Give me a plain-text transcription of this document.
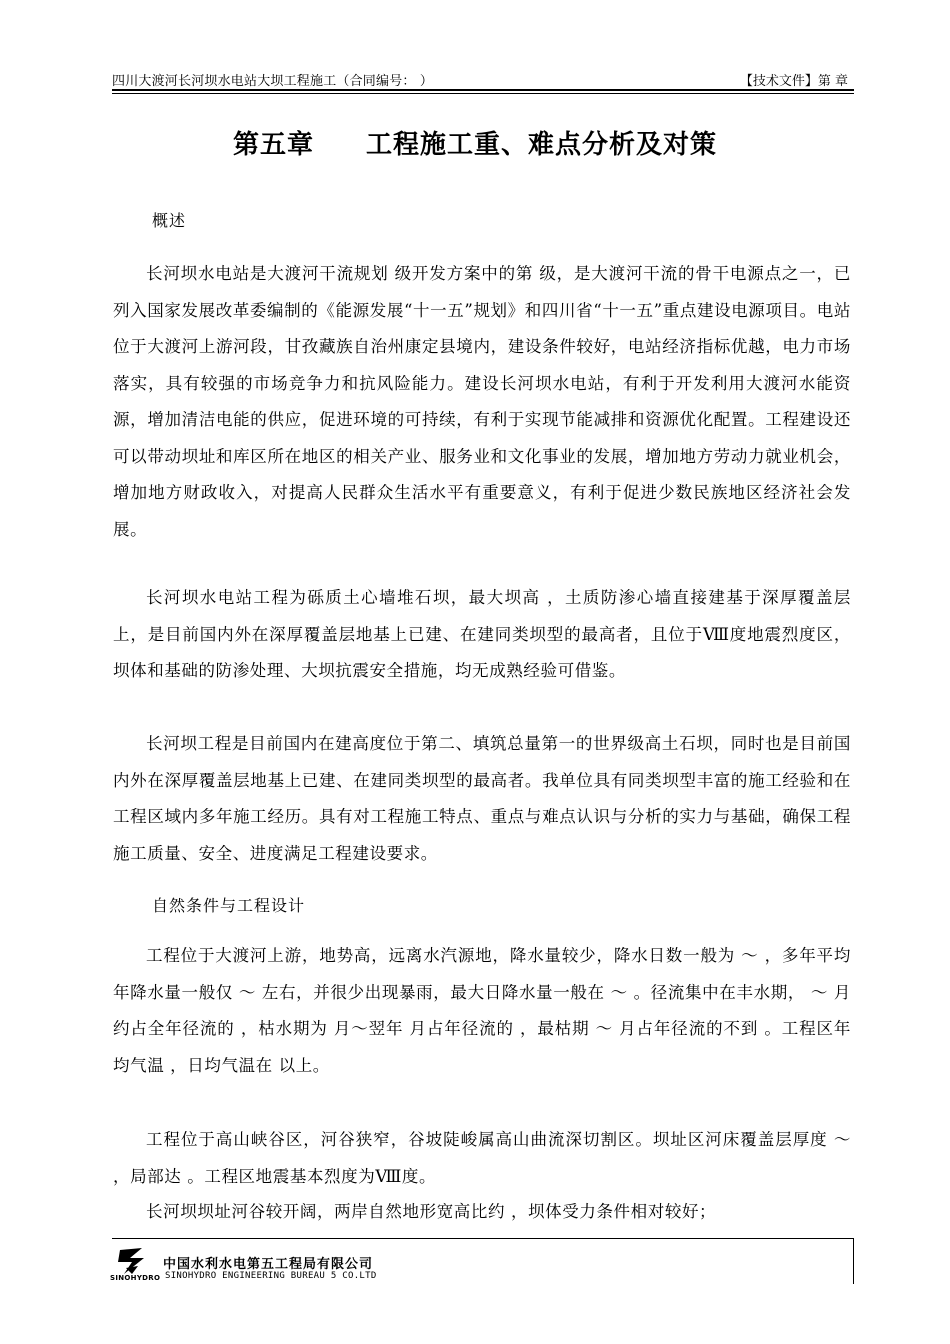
四川大渡河长河坝水电站大坝工程施工（合同编号： ）	【技术文件】第 章
第五章 工程施工重、难点分析及对策
概述

长河坝水电站是大渡河干流规划 级开发方案中的第 级，是大渡河干流的骨干电源点之一，已列入国家发展改革委编制的《能源发展“十一五”规划》和四川省“十一五”重点建设电源项目。电站位于大渡河上游河段，甘孜藏族自治州康定县境内，建设条件较好，电站经济指标优越，电力市场落实，具有较强的市场竞争力和抗风险能力。建设长河坝水电站，有利于开发利用大渡河水能资源，增加清洁电能的供应，促进环境的可持续，有利于实现节能减排和资源优化配置。工程建设还可以带动坝址和库区所在地区的相关产业、服务业和文化事业的发展，增加地方劳动力就业机会，增加地方财政收入，对提高人民群众生活水平有重要意义，有利于促进少数民族地区经济社会发展。

长河坝水电站工程为砾质土心墙堆石坝，最大坝高 ，土质防渗心墙直接建基于深厚覆盖层上，是目前国内外在深厚覆盖层地基上已建、在建同类坝型的最高者，且位于Ⅷ度地震烈度区，坝体和基础的防渗处理、大坝抗震安全措施，均无成熟经验可借鉴。

长河坝工程是目前国内在建高度位于第二、填筑总量第一的世界级高土石坝，同时也是目前国内外在深厚覆盖层地基上已建、在建同类坝型的最高者。我单位具有同类坝型丰富的施工经验和在工程区域内多年施工经历。具有对工程施工特点、重点与难点认识与分析的实力与基础，确保工程施工质量、安全、进度满足工程建设要求。

自然条件与工程设计

工程位于大渡河上游，地势高，远离水汽源地，降水量较少，降水日数一般为 ～ ，多年平均年降水量一般仅 ～ 左右，并很少出现暴雨，最大日降水量一般在 ～ 。径流集中在丰水期， ～ 月约占全年径流的 ，枯水期为 月～翌年 月占年径流的 ，最枯期 ～ 月占年径流的不到 。工程区年均气温 ，日均气温在 以上。

工程位于高山峡谷区，河谷狭窄，谷坡陡峻属高山曲流深切割区。坝址区河床覆盖层厚度 ～ ，局部达 。工程区地震基本烈度为Ⅷ度。

长河坝坝址河谷较开阔，两岸自然地形宽高比约 ，坝体受力条件相对较好；

SINOHYDRO
中国水利水电第五工程局有限公司
SINOHYDRO ENGINEERING BUREAU 5 CO.LTD
